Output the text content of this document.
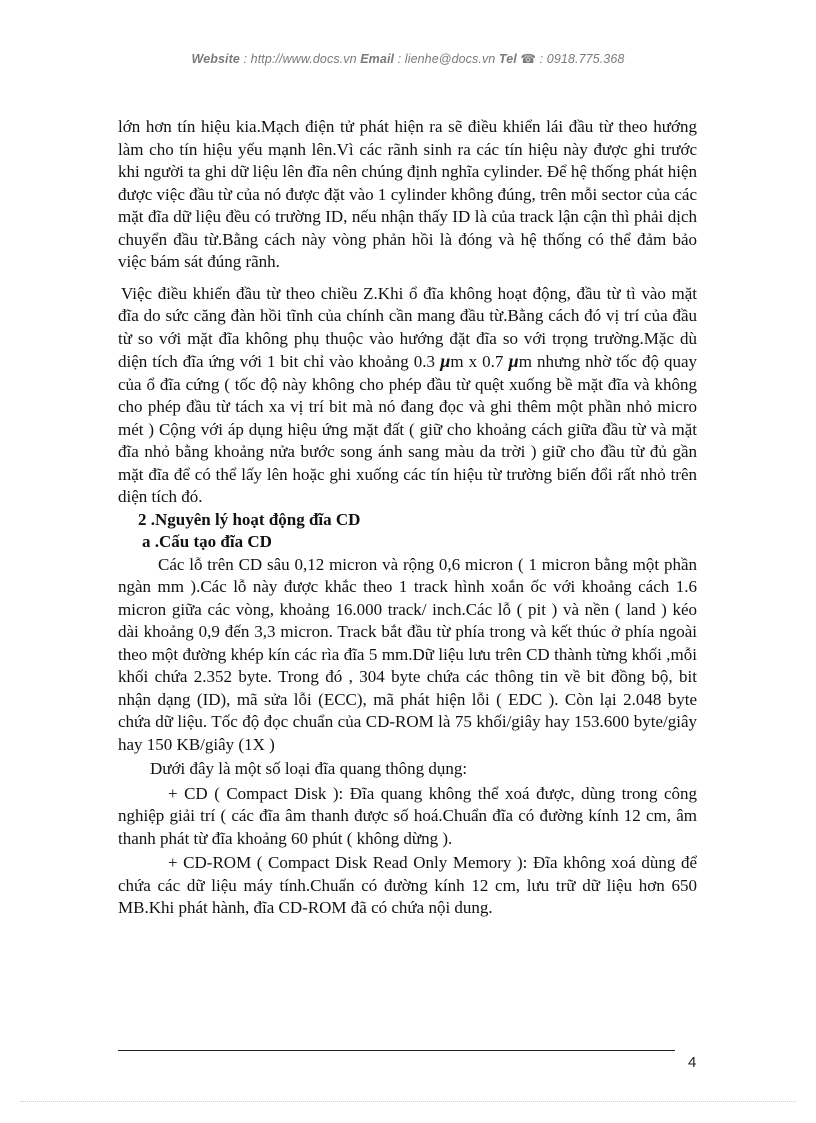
Website : http://www.docs.vn Email : lienhe@docs.vn Tel ☎ : 0918.775.368

lớn hơn tín hiệu kia.Mạch điện tử phát hiện ra sẽ điều khiển lái đầu từ theo hướng làm cho tín hiệu yếu mạnh lên.Vì các rãnh sinh ra các tín hiệu này được ghi trước khi người ta ghi dữ liệu lên đĩa nên chúng định nghĩa cylinder. Để hệ thống phát hiện được việc đầu từ của nó được đặt vào 1 cylinder không đúng, trên mỗi sector của các mặt đĩa dữ liệu đều có trường ID, nếu nhận thấy ID là của track lận cận thì phải dịch chuyển đầu từ.Bằng cách này vòng phản hồi là đóng và hệ thống có thể đảm bảo việc bám sát đúng rãnh.

Việc điều khiển đầu từ theo chiều Z.Khi ổ đĩa không hoạt động, đầu từ tì vào mặt đĩa do sức căng đàn hồi tĩnh của chính cần mang đầu từ.Bằng cách đó vị trí của đầu từ so với mặt đĩa không phụ thuộc vào hướng đặt đĩa so với trọng trường.Mặc dù diện tích đĩa ứng với 1 bit chỉ vào khoảng 0.3 µm x 0.7 µm nhưng nhờ tốc độ quay của ổ đĩa cứng ( tốc độ này không cho phép đầu từ quệt xuống bề mặt đĩa và không cho phép đầu từ tách xa vị trí bit mà nó đang đọc và ghi thêm một phần nhỏ micro mét ) Cộng với áp dụng hiệu ứng mặt đất ( giữ cho khoảng cách giữa đầu từ và mặt đĩa nhỏ bằng khoảng nửa bước song ánh sang màu da trời ) giữ cho đầu từ đủ gần mặt đĩa để có thể lấy lên hoặc ghi xuống các tín hiệu từ trường biến đổi rất nhỏ trên diện tích đó.

2 .Nguyên lý hoạt động đĩa CD

a .Cấu tạo đĩa CD

Các lỗ trên CD sâu 0,12 micron và rộng 0,6 micron ( 1 micron bằng một phần ngàn mm ).Các lỗ này được khắc theo 1 track hình xoắn ốc với khoảng cách 1.6 micron giữa các vòng, khoảng 16.000 track/ inch.Các lỗ ( pit ) và nền ( land ) kéo dài khoảng 0,9 đến 3,3 micron. Track bắt đầu từ phía trong và kết thúc ở phía ngoài theo một đường khép kín các rìa đĩa 5 mm.Dữ liệu lưu trên CD thành từng khối ,mỗi khối chứa 2.352 byte. Trong đó , 304 byte chứa các thông tin về bit đồng bộ, bit nhận dạng (ID), mã sửa lỗi (ECC), mã phát hiện lỗi ( EDC ). Còn lại 2.048 byte chứa dữ liệu. Tốc độ đọc chuẩn của CD-ROM là 75 khối/giây hay 153.600 byte/giây hay 150 KB/giây (1X )

Dưới đây là một số loại đĩa quang thông dụng:

+ CD ( Compact Disk ): Đĩa quang không thể xoá được, dùng trong công nghiệp giải trí ( các đĩa âm thanh được số hoá.Chuẩn đĩa có đường kính 12 cm, âm thanh phát từ đĩa khoảng 60 phút ( không dừng ).

+ CD-ROM ( Compact Disk Read Only Memory ): Đĩa không xoá dùng để chứa các dữ liệu máy tính.Chuẩn có đường kính 12 cm, lưu trữ dữ liệu hơn 650 MB.Khi phát hành, đĩa CD-ROM đã có chứa nội dung.

4
